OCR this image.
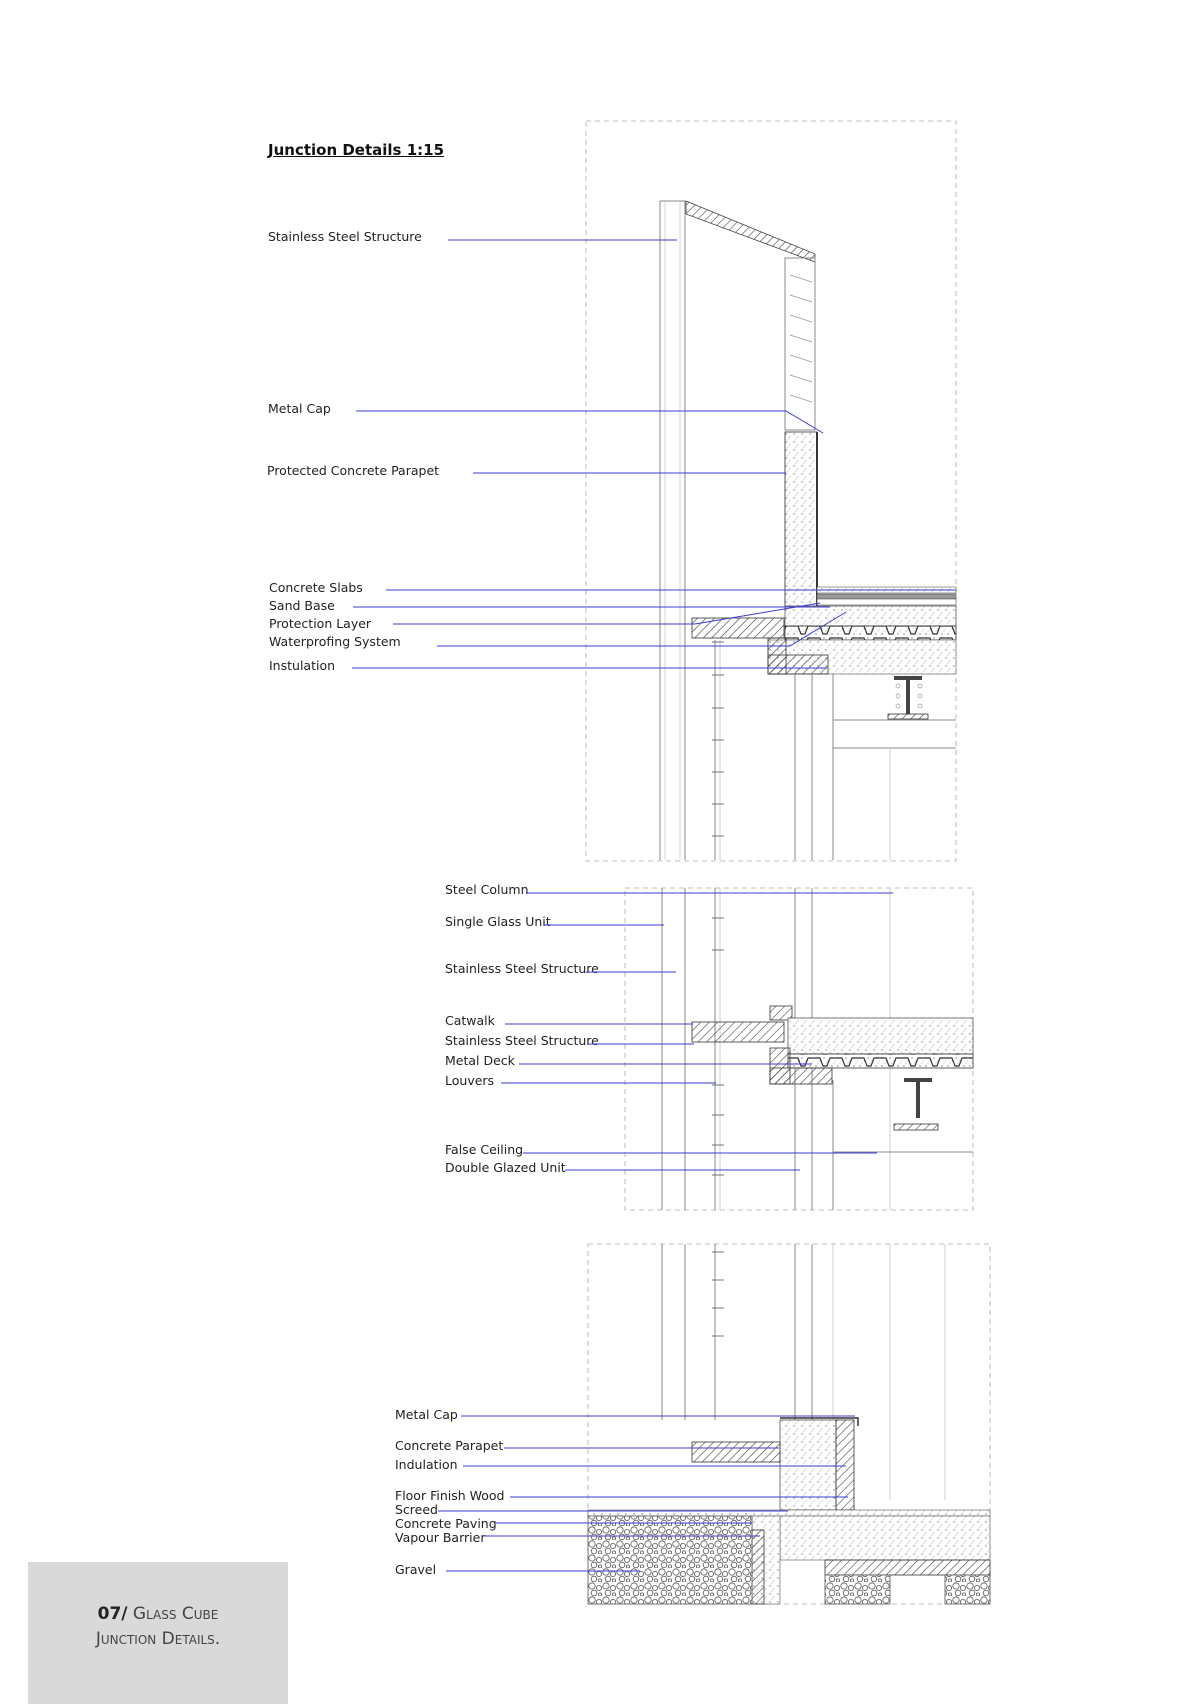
Junction Details 1:15
Stainless Steel Structure
Metal Cap
Protected Concrete Parapet
Concrete Slabs
Sand Base
Protection Layer
Waterprofing System
Instulation
Steel Column
Single Glass Unit
Stainless Steel Structure
Catwalk
Stainless Steel Structure
Metal Deck
Louvers
False Ceiling
Double Glazed Unit
Metal Cap
Concrete Parapet
Indulation
Floor Finish Wood
Screed
Concrete Paving
Vapour Barrier
Gravel
07/ Glass Cube
Junction Details.
